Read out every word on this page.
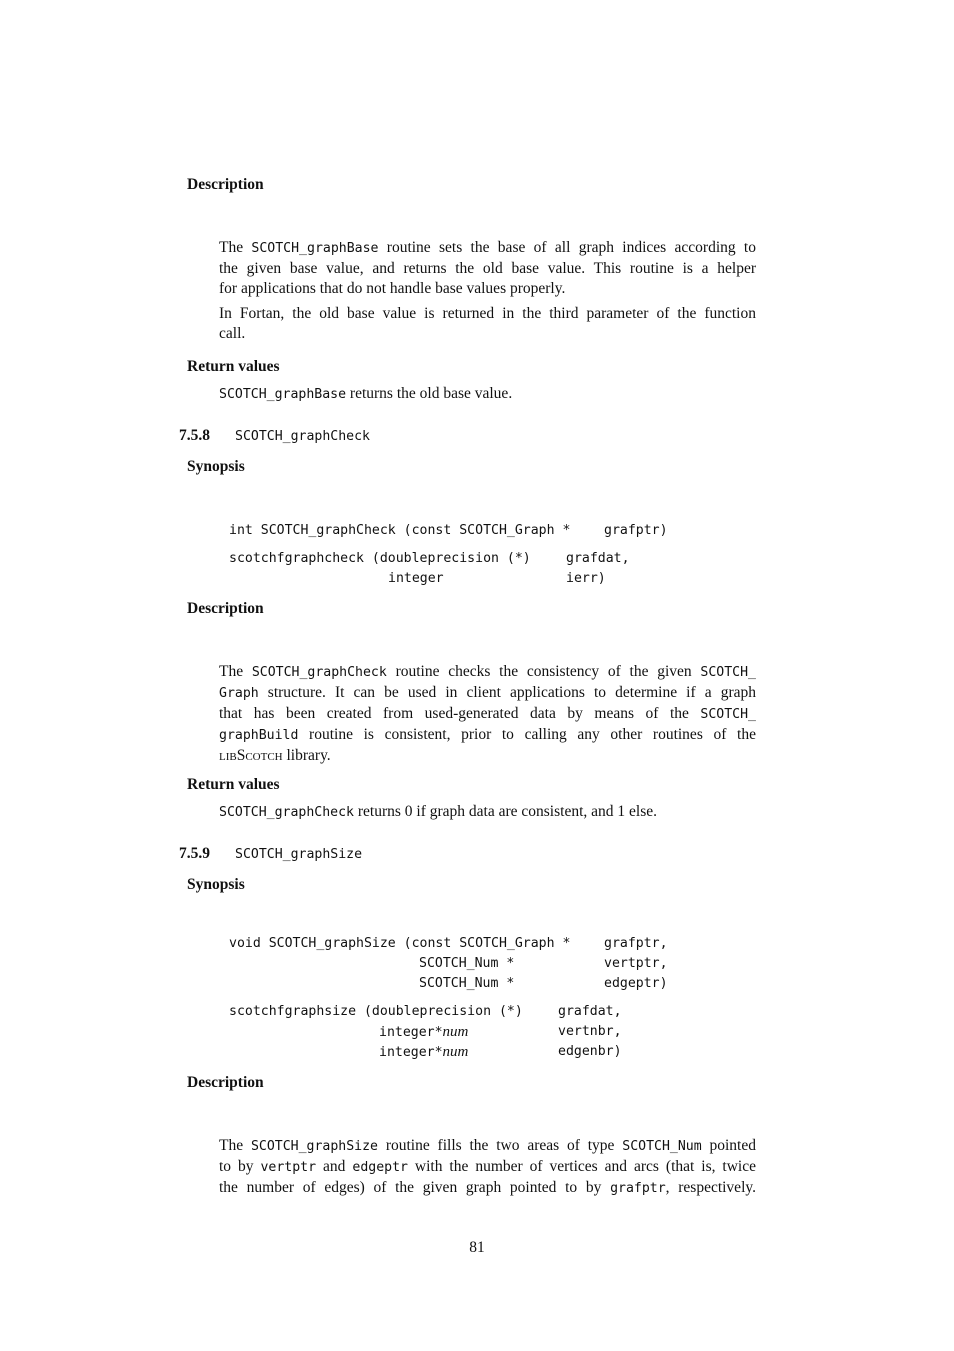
Description
The SCOTCH_graphBase routine sets the base of all graph indices according to
the given base value, and returns the old base value. This routine is a helper
for applications that do not handle base values properly.
In Fortan, the old base value is returned in the third parameter of the function
call.
Return values
SCOTCH_graphBase returns the old base value.
7.5.8 SCOTCH_graphCheck
Synopsis
int SCOTCH_graphCheck (const SCOTCH_Graph *	grafptr)
scotchfgraphcheck (doubleprecision (*)	grafdat,
integer	ierr)
Description
The SCOTCH_graphCheck routine checks the consistency of the given SCOTCH_
Graph structure. It can be used in client applications to determine if a graph
that has been created from used-generated data by means of the SCOTCH_
graphBuild routine is consistent, prior to calling any other routines of the
libScotch library.
Return values
SCOTCH_graphCheck returns 0 if graph data are consistent, and 1 else.
7.5.9 SCOTCH_graphSize
Synopsis
void SCOTCH_graphSize (const SCOTCH_Graph *	grafptr,
SCOTCH_Num *	vertptr,
SCOTCH_Num *	edgeptr)
scotchfgraphsize (doubleprecision (*)	grafdat,
integer*num	vertnbr,
integer*num	edgenbr)
Description
The SCOTCH_graphSize routine fills the two areas of type SCOTCH_Num pointed
to by vertptr and edgeptr with the number of vertices and arcs (that is, twice
the number of edges) of the given graph pointed to by grafptr, respectively.
81
